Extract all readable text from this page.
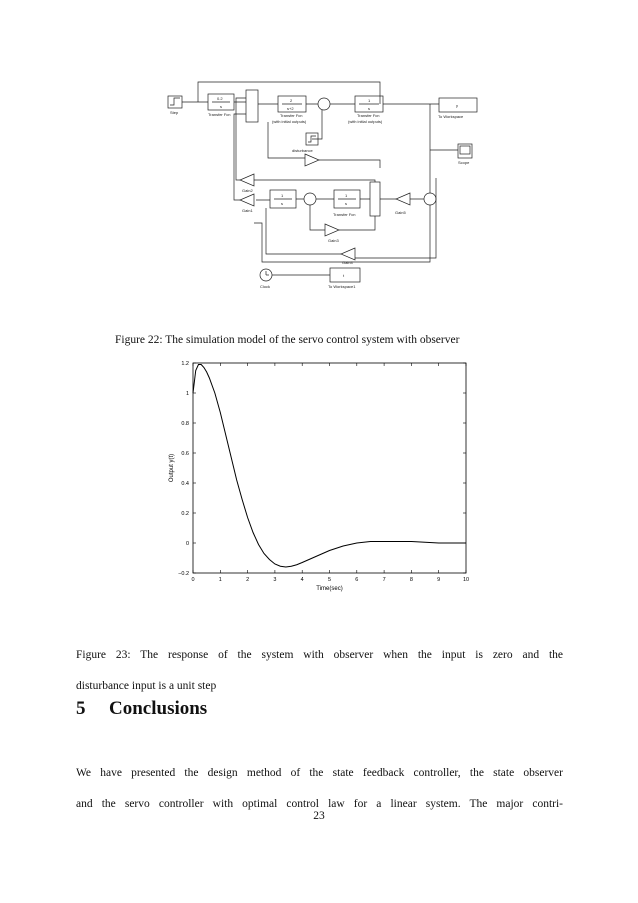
Step
0.2
s
Transfer Fcn
2
s+2
Transfer Fcn
(with initial outputs)
1
s
Transfer Fcn
(with initial outputs)
y
To Workspace
Scope
disturbance
Gain2
Gain1
1
s
1
s
Transfer Fcn	Gain5
Gain3
Gain4
Clock
t
To Workspace1
Figure 22: The simulation model of the servo control system with observer
0	1	2	3	4	5	6	7	8	9	10
−0.2
0
0.2
0.4
0.6
0.8
1
1.2
Time(sec)
Output y(t)
Figure 23: The response of the system with observer when the input is zero and the
disturbance input is a unit step
5 Conclusions
We have presented the design method of the state feedback controller, the state observer
and the servo controller with optimal control law for a linear system. The major contri-
23
